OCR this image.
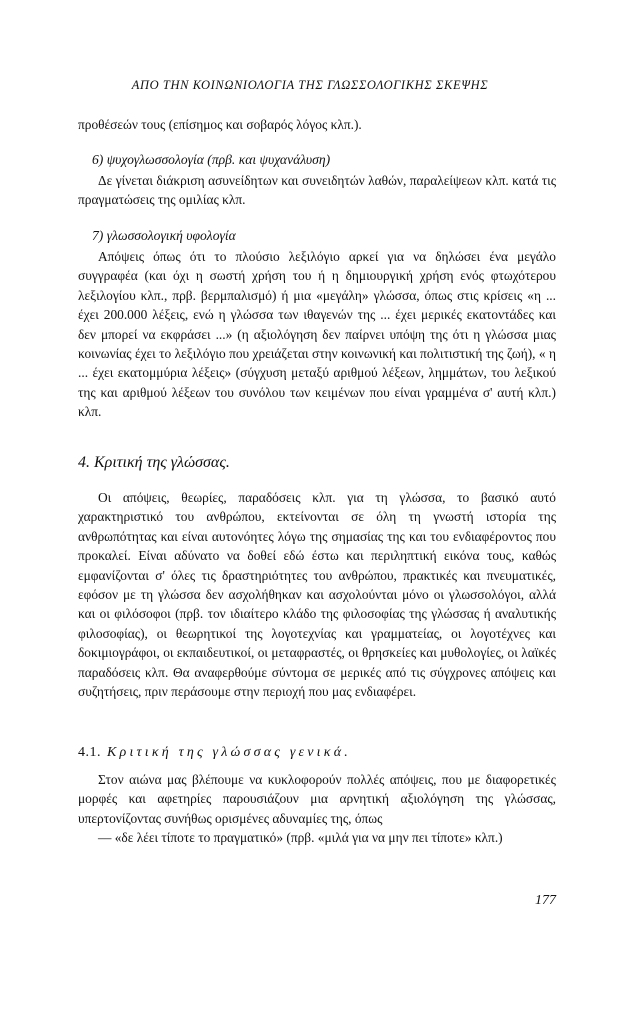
ΑΠΟ ΤΗΝ ΚΟΙΝΩΝΙΟΛΟΓΙΑ ΤΗΣ ΓΛΩΣΣΟΛΟΓΙΚΗΣ ΣΚΕΨΗΣ

προθέσεών τους (επίσημος και σοβαρός λόγος κλπ.).

6) ψυχογλωσσολογία (πρβ. και ψυχανάλυση)

Δε γίνεται διάκριση ασυνείδητων και συνειδητών λαθών, παραλείψεων κλπ. κατά τις πραγματώσεις της ομιλίας κλπ.

7) γλωσσολογική υφολογία

Απόψεις όπως ότι το πλούσιο λεξιλόγιο αρκεί για να δηλώσει ένα μεγάλο συγγραφέα (και όχι η σωστή χρήση του ή η δημιουργική χρήση ενός φτωχότερου λεξιλογίου κλπ., πρβ. βερμπαλισμό) ή μια «μεγάλη» γλώσσα, όπως στις κρίσεις «η ... έχει 200.000 λέξεις, ενώ η γλώσσα των ιθαγενών της ... έχει μερικές εκατοντάδες και δεν μπορεί να εκφράσει ...» (η αξιολόγηση δεν παίρνει υπόψη της ότι η γλώσσα μιας κοινωνίας έχει το λεξιλόγιο που χρειάζεται στην κοινωνική και πολιτιστική της ζωή), « η ... έχει εκατομμύρια λέξεις» (σύγχυση μεταξύ αριθμού λέξεων, λημμάτων, του λεξικού της και αριθμού λέξεων του συνόλου των κειμένων που είναι γραμμένα σ' αυτή κλπ.) κλπ.

4. Κριτική της γλώσσας.

Οι απόψεις, θεωρίες, παραδόσεις κλπ. για τη γλώσσα, το βασικό αυτό χαρακτηριστικό του ανθρώπου, εκτείνονται σε όλη τη γνωστή ιστορία της ανθρωπότητας και είναι αυτονόητες λόγω της σημασίας της και του ενδιαφέροντος που προκαλεί. Είναι αδύνατο να δοθεί εδώ έστω και περιληπτική εικόνα τους, καθώς εμφανίζονται σ' όλες τις δραστηριότητες του ανθρώπου, πρακτικές και πνευματικές, εφόσον με τη γλώσσα δεν ασχολήθηκαν και ασχολούνται μόνο οι γλωσσολόγοι, αλλά και οι φιλόσοφοι (πρβ. τον ιδιαίτερο κλάδο της φιλοσοφίας της γλώσσας ή αναλυτικής φιλοσοφίας), οι θεωρητικοί της λογοτεχνίας και γραμματείας, οι λογοτέχνες και δοκιμιογράφοι, οι εκπαιδευτικοί, οι μεταφραστές, οι θρησκείες και μυθολογίες, οι λαϊκές παραδόσεις κλπ. Θα αναφερθούμε σύντομα σε μερικές από τις σύγχρονες απόψεις και συζητήσεις, πριν περάσουμε στην περιοχή που μας ενδιαφέρει.

4.1. Κριτική της γλώσσας γενικά.

Στον αιώνα μας βλέπουμε να κυκλοφορούν πολλές απόψεις, που με διαφορετικές μορφές και αφετηρίες παρουσιάζουν μια αρνητική αξιολόγηση της γλώσσας, υπερτονίζοντας συνήθως ορισμένες αδυναμίες της, όπως

— «δε λέει τίποτε το πραγματικό» (πρβ. «μιλά για να μην πει τίποτε» κλπ.)

177
